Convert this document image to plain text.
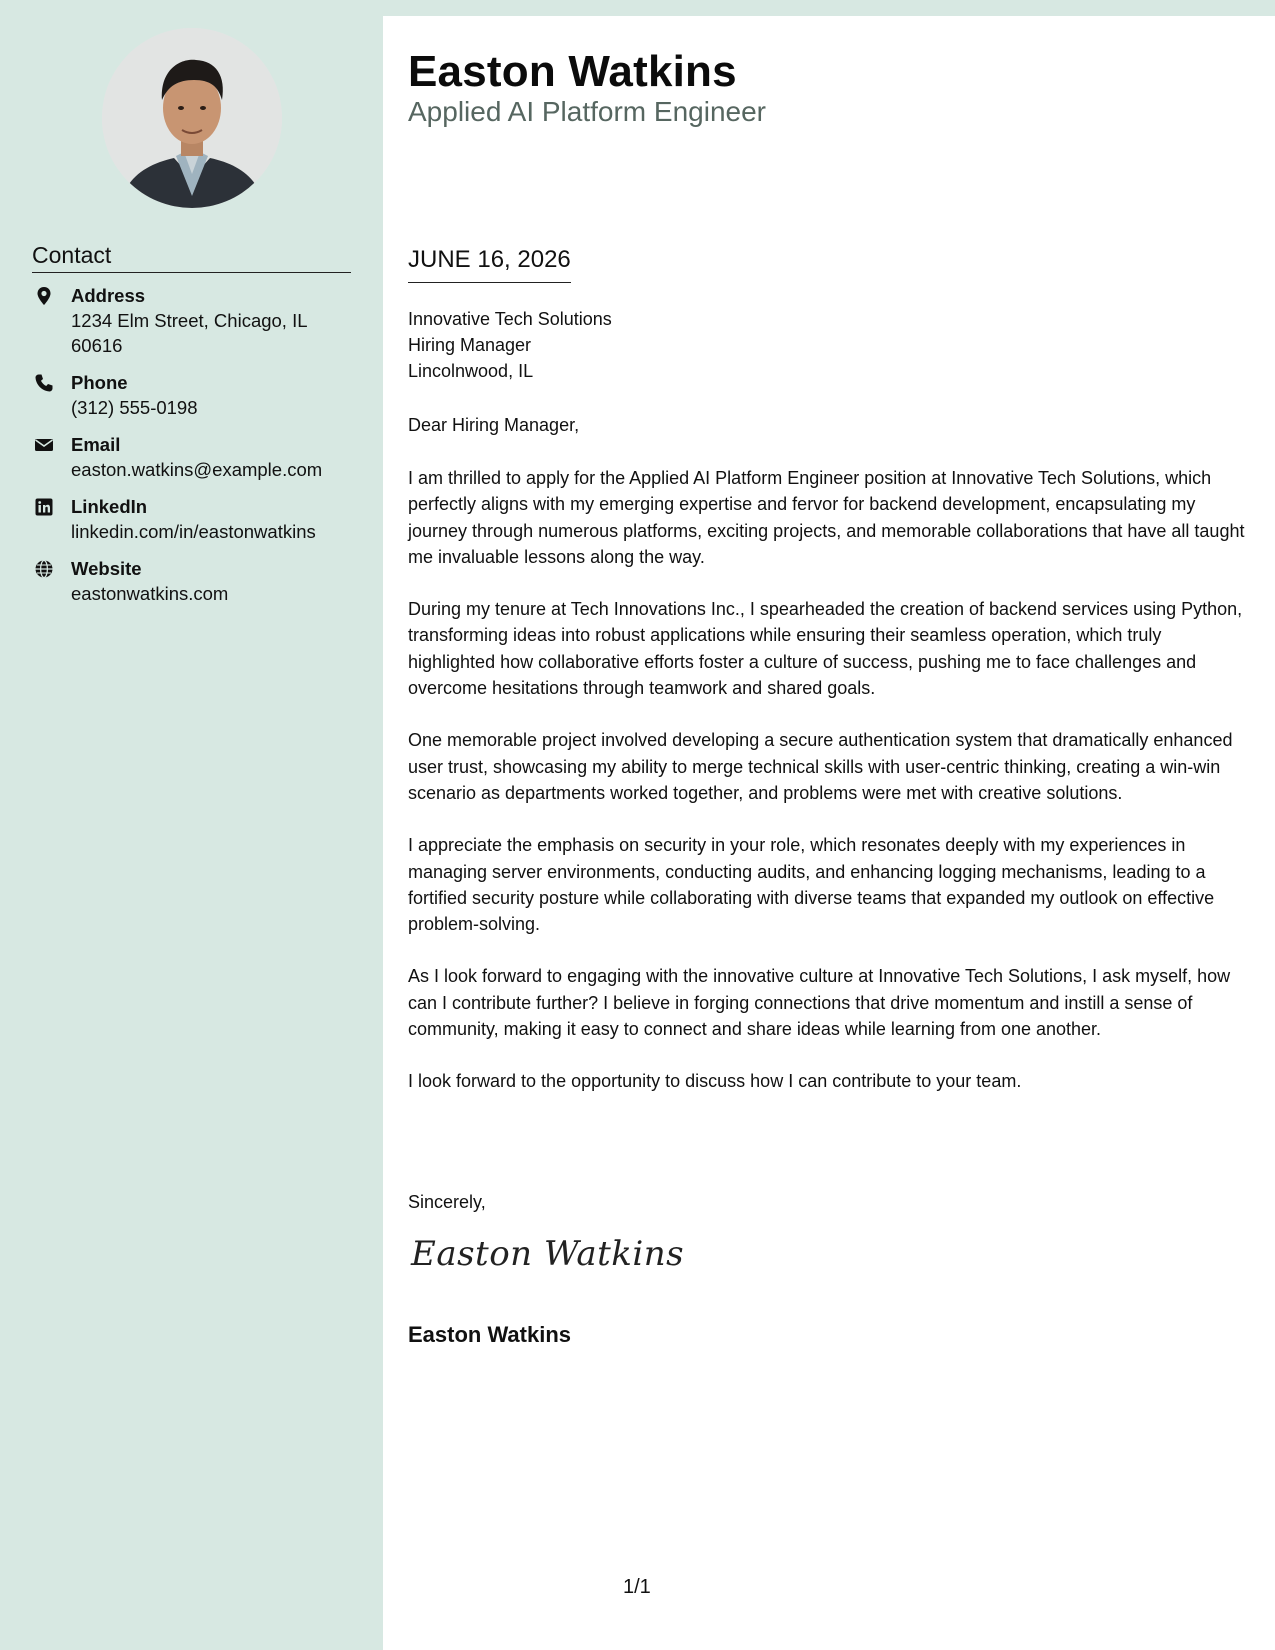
Contact
Address
1234 Elm Street, Chicago, IL 60616
Phone
(312) 555-0198
Email
easton.watkins@example.com
LinkedIn
linkedin.com/in/eastonwatkins
Website
eastonwatkins.com
Easton Watkins
Applied AI Platform Engineer
JUNE 16, 2026
Innovative Tech Solutions
Hiring Manager
Lincolnwood, IL
Dear Hiring Manager,

I am thrilled to apply for the Applied AI Platform Engineer position at Innovative Tech Solutions, which perfectly aligns with my emerging expertise and fervor for backend development, encapsulating my journey through numerous platforms, exciting projects, and memorable collaborations that have all taught me invaluable lessons along the way.

During my tenure at Tech Innovations Inc., I spearheaded the creation of backend services using Python, transforming ideas into robust applications while ensuring their seamless operation, which truly highlighted how collaborative efforts foster a culture of success, pushing me to face challenges and overcome hesitations through teamwork and shared goals.

One memorable project involved developing a secure authentication system that dramatically enhanced user trust, showcasing my ability to merge technical skills with user-centric thinking, creating a win-win scenario as departments worked together, and problems were met with creative solutions.

I appreciate the emphasis on security in your role, which resonates deeply with my experiences in managing server environments, conducting audits, and enhancing logging mechanisms, leading to a fortified security posture while collaborating with diverse teams that expanded my outlook on effective problem-solving.

As I look forward to engaging with the innovative culture at Innovative Tech Solutions, I ask myself, how can I contribute further? I believe in forging connections that drive momentum and instill a sense of community, making it easy to connect and share ideas while learning from one another.

I look forward to the opportunity to discuss how I can contribute to your team.

Sincerely,
Easton Watkins
Easton Watkins
1/1
